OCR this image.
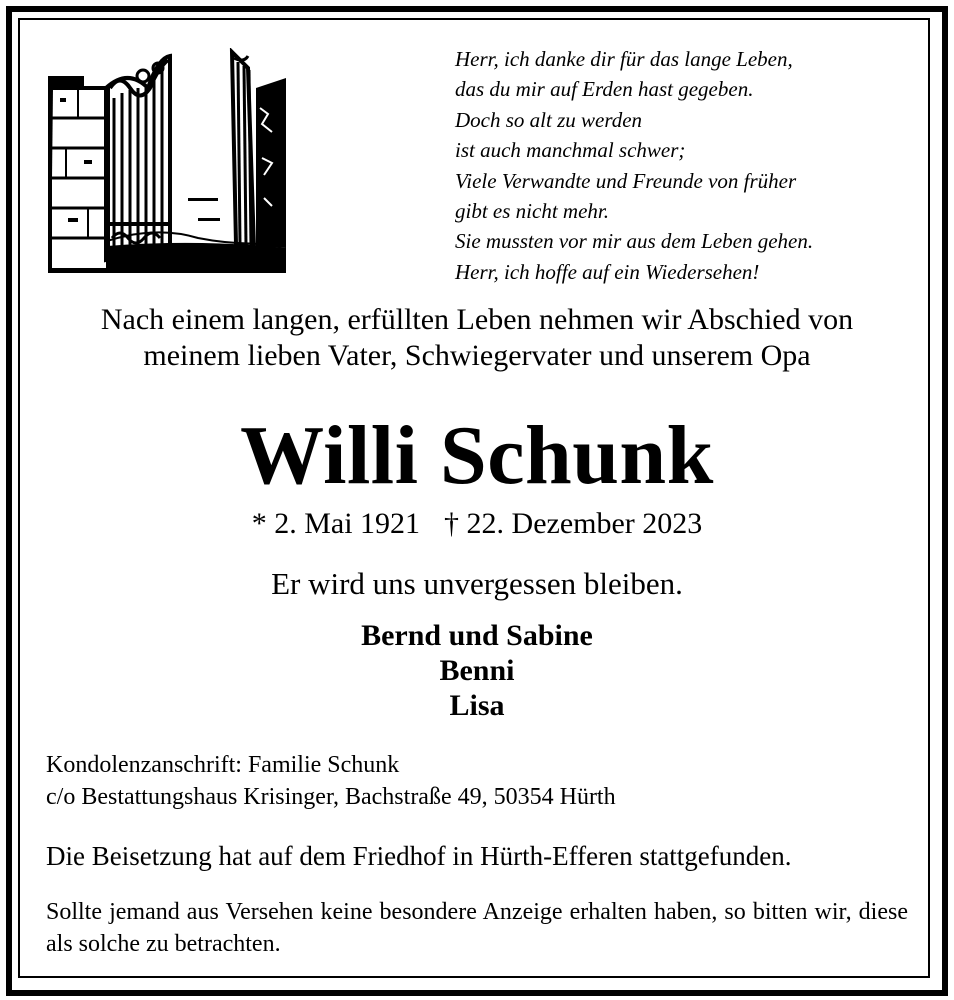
Herr, ich danke dir für das lange Leben,
das du mir auf Erden hast gegeben.
Doch so alt zu werden
ist auch manchmal schwer;
Viele Verwandte und Freunde von früher
gibt es nicht mehr.
Sie mussten vor mir aus dem Leben gehen.
Herr, ich hoffe auf ein Wiedersehen!
Nach einem langen, erfüllten Leben nehmen wir Abschied von
meinem lieben Vater, Schwiegervater und unserem Opa
Willi Schunk
* 2. Mai 1921 † 22. Dezember 2023
Er wird uns unvergessen bleiben.
Bernd und Sabine
Benni
Lisa
Kondolenzanschrift: Familie Schunk
c/o Bestattungshaus Krisinger, Bachstraße 49, 50354 Hürth
Die Beisetzung hat auf dem Friedhof in Hürth-Efferen stattgefunden.
Sollte jemand aus Versehen keine besondere Anzeige erhalten haben, so bitten wir, diese als solche zu betrachten.
